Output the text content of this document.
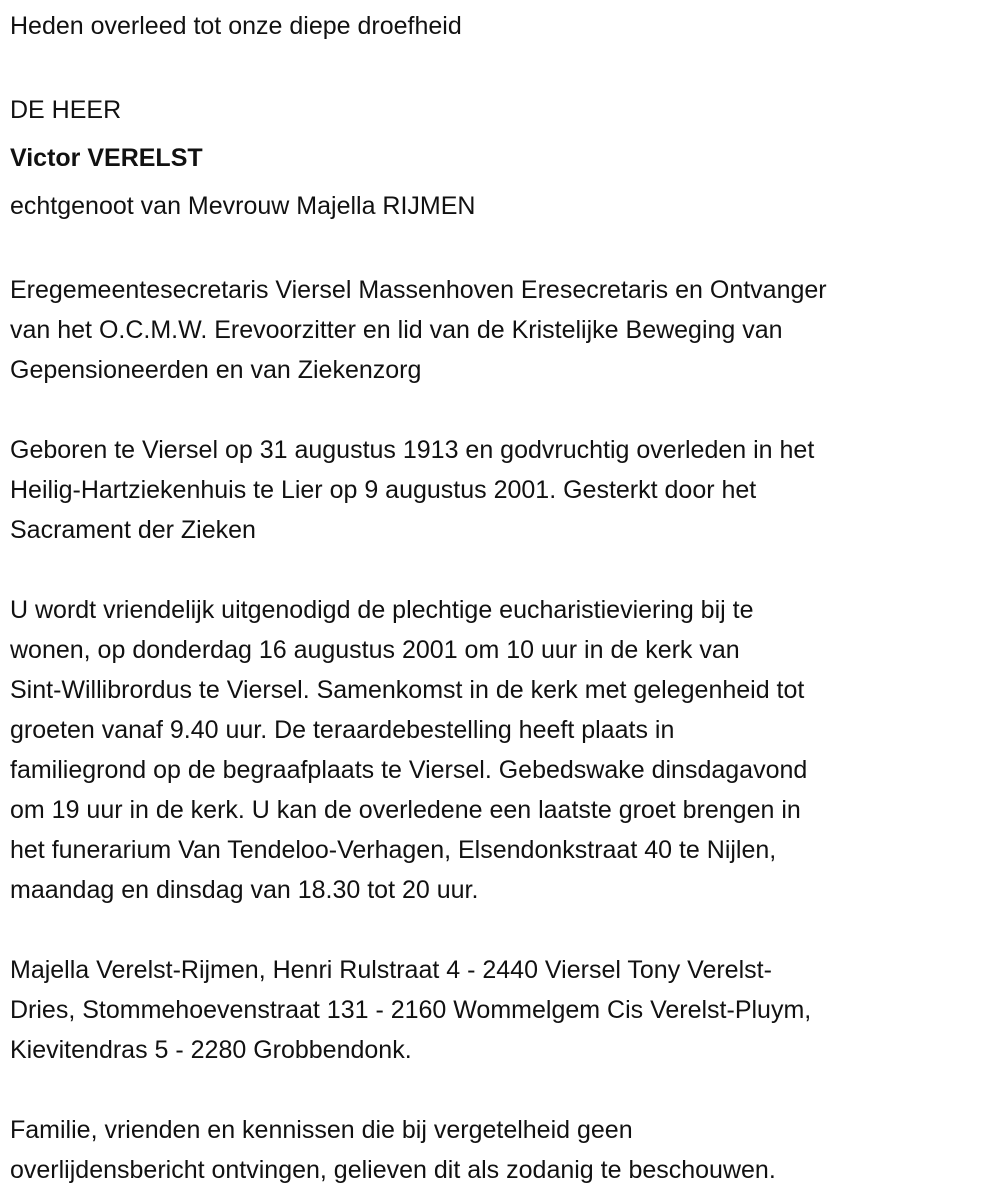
Heden overleed tot onze diepe droefheid
DE HEER
Victor VERELST
echtgenoot van Mevrouw Majella RIJMEN
Eregemeentesecretaris Viersel Massenhoven Eresecretaris en Ontvanger
van het O.C.M.W. Erevoorzitter en lid van de Kristelijke Beweging van
Gepensioneerden en van Ziekenzorg
Geboren te Viersel op 31 augustus 1913 en godvruchtig overleden in het
Heilig-Hartziekenhuis te Lier op 9 augustus 2001. Gesterkt door het
Sacrament der Zieken
U wordt vriendelijk uitgenodigd de plechtige eucharistieviering bij te
wonen, op donderdag 16 augustus 2001 om 10 uur in de kerk van
Sint-Willibrordus te Viersel. Samenkomst in de kerk met gelegenheid tot
groeten vanaf 9.40 uur. De teraardebestelling heeft plaats in
familiegrond op de begraafplaats te Viersel. Gebedswake dinsdagavond
om 19 uur in de kerk. U kan de overledene een laatste groet brengen in
het funerarium Van Tendeloo-Verhagen, Elsendonkstraat 40 te Nijlen,
maandag en dinsdag van 18.30 tot 20 uur.
Majella Verelst-Rijmen, Henri Rulstraat 4 - 2440 Viersel Tony Verelst-
Dries, Stommehoevenstraat 131 - 2160 Wommelgem Cis Verelst-Pluym,
Kievitendras 5 - 2280 Grobbendonk.
Familie, vrienden en kennissen die bij vergetelheid geen
overlijdensbericht ontvingen, gelieven dit als zodanig te beschouwen.
